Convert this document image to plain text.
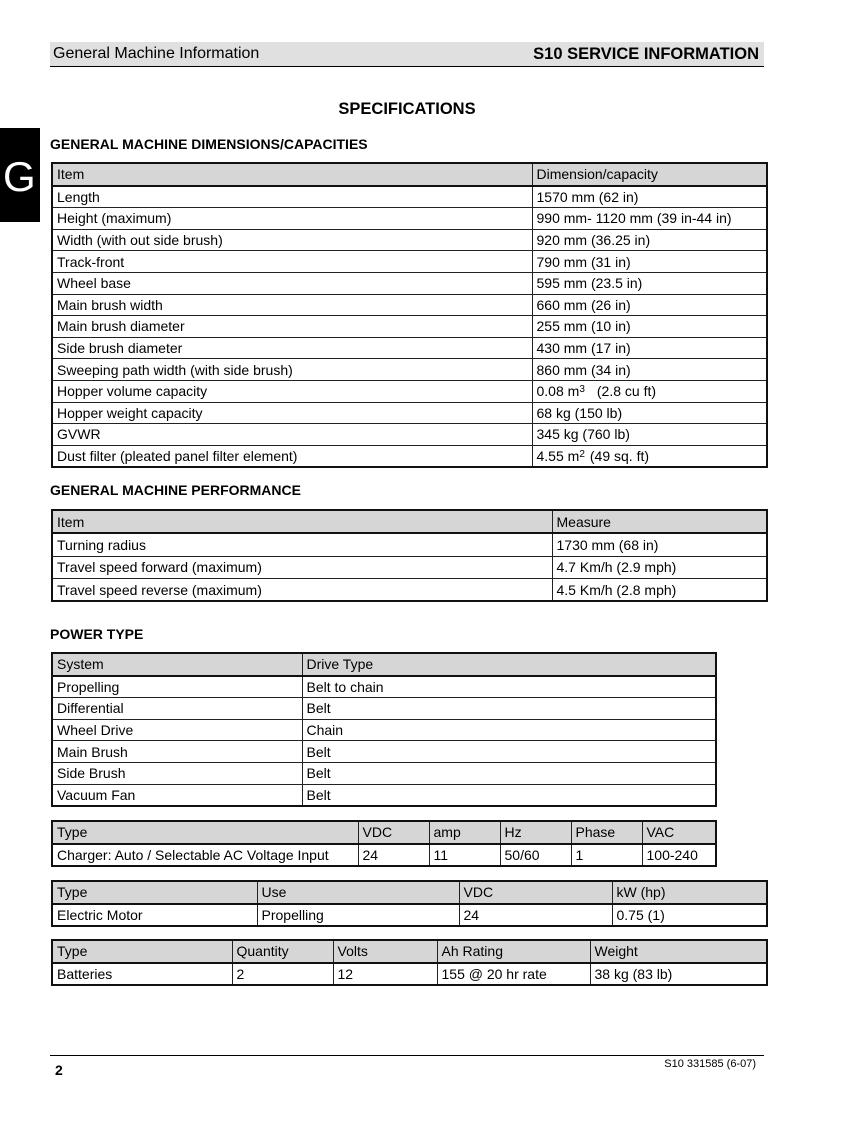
General Machine Information	S10 SERVICE INFORMATION
G
SPECIFICATIONS
GENERAL MACHINE DIMENSIONS/CAPACITIES
Item	Dimension/capacity
Length	1570 mm (62 in)
Height (maximum)	990 mm- 1120 mm (39 in-44 in)
Width (with out side brush)	920 mm (36.25 in)
Track-front	790 mm (31 in)
Wheel base	595 mm (23.5 in)
Main brush width	660 mm (26 in)
Main brush diameter	255 mm (10 in)
Side brush diameter	430 mm (17 in)
Sweeping path width (with side brush)	860 mm (34 in)
Hopper volume capacity	0.08 $m^3$ (2.8 cu ft)
Hopper weight capacity	68 kg (150 lb)
GVWR	345 kg (760 lb)
Dust filter (pleated panel filter element)	4.55 $m^2$ (49 sq. ft)
GENERAL MACHINE PERFORMANCE
Item	Measure
Turning radius	1730 mm (68 in)
Travel speed forward (maximum)	4.7 Km/h (2.9 mph)
Travel speed reverse (maximum)	4.5 Km/h (2.8 mph)
POWER TYPE
System	Drive Type
Propelling	Belt to chain
Differential	Belt
Wheel Drive	Chain
Main Brush	Belt
Side Brush	Belt
Vacuum Fan	Belt
Type	VDC	amp	Hz	Phase	VAC
Charger: Auto / Selectable AC Voltage Input	24	11	50/60	1	100-240
Type	Use	VDC	kW (hp)
Electric Motor	Propelling	24	0.75 (1)
Type	Quantity	Volts	Ah Rating	Weight
Batteries	2	12	155 @ 20 hr rate	38 kg (83 lb)
2	S10 331585 (6-07)
